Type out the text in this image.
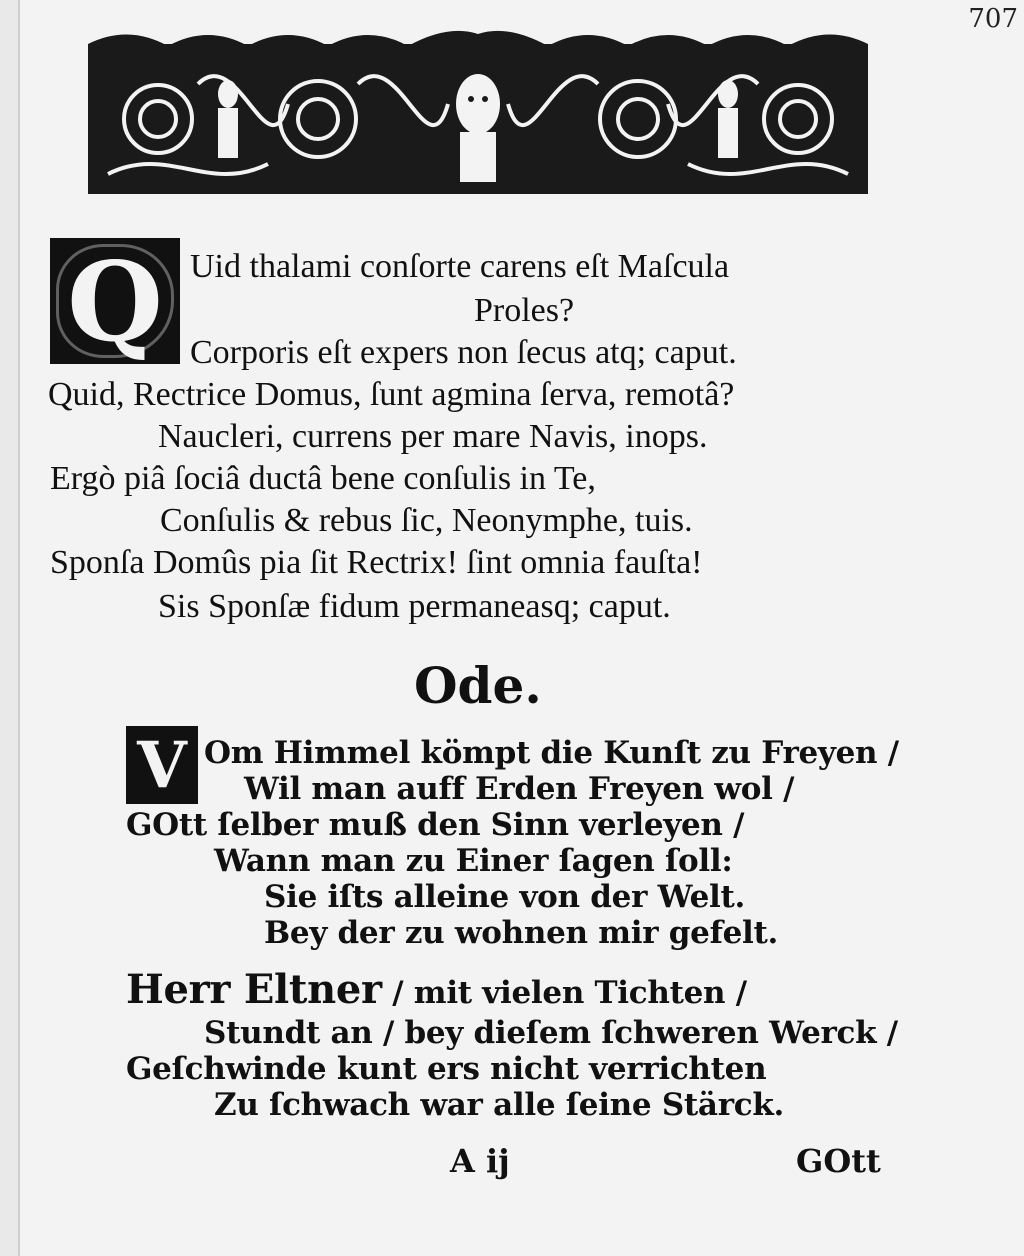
707
Q Uid thalami conſorte carens eſt Maſcula
Proles?
Corporis eſt expers non ſecus atq; caput.
Quid, Rectrice Domus, ſunt agmina ſerva, remotâ?
Naucleri, currens per mare Navis, inops.
Ergò piâ ſociâ ductâ bene conſulis in Te,
Conſulis & rebus ſic, Neonymphe, tuis.
Sponſa Domûs pia ſit Rectrix! ſint omnia fauſta!
Sis Sponſæ fidum permaneasq; caput.
Ode.
V Om Himmel kömpt die Kunſt zu Freyen /
Wil man auff Erden Freyen wol /
GOtt ſelber muß den Sinn verleyen /
Wann man zu Einer ſagen ſoll:
Sie iſts alleine von der Welt.
Bey der zu wohnen mir gefelt.
Herr Eltner / mit vielen Tichten /
Stundt an / bey dieſem ſchweren Werck /
Geſchwinde kunt ers nicht verrichten
Zu ſchwach war alle ſeine Stärck.
A ij	GOtt
